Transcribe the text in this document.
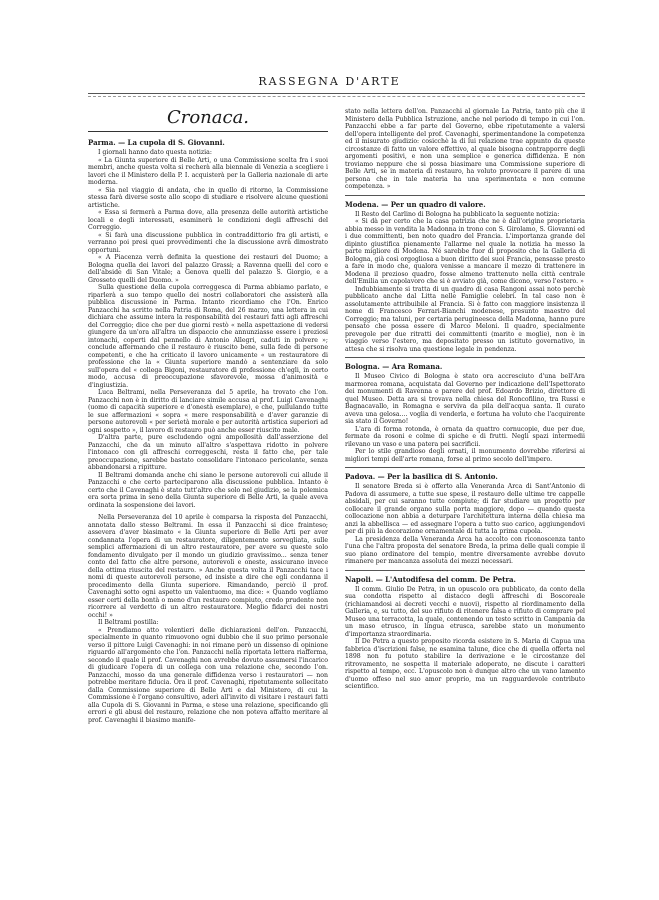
RASSEGNA D'ARTE
Cronaca.
Parma. — La cupola di S. Giovanni.

I giornali hanno dato questa notizia:

« La Giunta superiore di Belle Arti, o una Commissione scelta fra i suoi membri, anche questa volta si recherà alla biennale di Venezia a scegliere i lavori che il Ministero della P. I. acquisterà per la Galleria nazionale di arte moderna.

« Sia nel viaggio di andata, che in quello di ritorno, la Commissione stessa farà diverse soste allo scopo di studiare e risolvere alcune questioni artistiche.

« Essa si fermerà a Parma dove, alla presenza delle autorità artistiche locali e degli interessati, esaminerà le condizioni degli affreschi del Correggio.

« Si farà una discussione pubblica in contraddittorio fra gli artisti, e verranno poi presi quei provvedimenti che la discussione avrà dimostrato opportuni.

« A Piacenza verrà definita la questione dei restauri del Duomo; a Bologna quella dei lavori del palazzo Grassi; a Ravenna quelli del coro e dell'abside di San Vitale; a Genova quelli del palazzo S. Giorgio, e a Grosseto quelli del Duomo. »

Sulla questione della cupola correggesca di Parma abbiamo parlato, e riparlerà a suo tempo quello dei nostri collaboratori che assisterà alla pubblica discussione in Parma. Intanto ricordiamo che l'On. Enrico Panzacchi ha scritto nella Patria di Roma, del 26 marzo, una lettera in cui dichiara che assume intera la responsabilità dei restauri fatti agli affreschi del Correggio; dice che per due giorni restò « nella aspettazione di vedersi giungere da un'ora all'altra un dispaccio che annunziasse essere i preziosi intonachi, coperti dal pennello di Antonio Allegri, caduti in polvere »; conclude affermando che il restauro è riuscito bene, sulla fede di persone competenti, e che ha criticato il lavoro unicamente « un restauratore di professione che la « Giunta superiore mandò a sentenziare da solo sull'opera del « collega Bigoni, restauratore di professione ch'egli, in certo modo, accusa di preoccupazione sfavorevole, mossa d'animosità e d'ingiustizia.

Luca Beltrami, nella Perseveranza del 5 aprile, ha trovato che l'on. Panzacchi non è in diritto di lanciare simile accusa al prof. Luigi Cavenaghi (uomo di capacità superiore e d'onestà esemplare), e che, pullulando tutte le sue affermazioni « sopra « mere responsabilità e d'aver garanzie di persone autorevoli « per serietà morale e per autorità artistica superiori ad ogni sospetto », il lavoro di restauro può anche esser riuscito male.

D'altra parte, pure escludendo ogni ampollosità dall'asserzione del Panzacchi, che da un minuto all'altro s'aspettava ridotto in polvere l'intonaco con gli affreschi correggeschi, resta il fatto che, per tale preoccupazione, sarebbe bastato consolidare l'intonaco pericolante, senza abbandonarsi a ripitture.

Il Beltrami domanda anche chi siano le persone autorevoli cui allude il Panzacchi e che certo parteciparono alla discussione pubblica. Intanto è certo che il Cavenaghi è stato tutt'altro che solo nel giudizio, se la polemica era sorta prima in seno della Giunta superiore di Belle Arti, la quale aveva ordinata la sospensione dei lavori.

Nella Perseveranza del 10 aprile è comparsa la risposta del Panzacchi, annotata dallo stesso Beltrami. In essa il Panzacchi si dice frainteso; assevera d'aver biasimato « la Giunta superiore di Belle Arti per aver condannata l'opera di un restauratore, diligentemente sorvegliata, sulle semplici affermazioni di un altro restauratore, per avere su queste solo fondamento divulgato per il mondo un giudizio gravissimo... senza tener conto del fatto che altre persone, autorevoli e oneste, assicurano invece della ottima riuscita del restauro. » Anche questa volta il Panzacchi tace i nomi di queste autorevoli persone, ed insiste a dire che egli condanna il procedimento della Giunta superiore. Rimandando, perciò il prof. Cavenaghi sotto ogni aspetto un valentuomo, ma dice: « Quando vogliamo esser certi della bontà o meno d'un restauro compiuto, credo prudente non ricorrere al verdetto di un altro restauratore. Meglio fidarci dei nostri occhi! »

Il Beltrami postilla:

« Prendiamo atto volentieri delle dichiarazioni dell'on. Panzacchi, specialmente in quanto rimuovono ogni dubbio che il suo primo personale verso il pittore Luigi Cavenaghi: in noi rimane però un dissenso di opinione riguardo all'argomento che l'on. Panzacchi nella riportata lettera riafferma, secondo il quale il prof. Cavenaghi non avrebbe dovuto assumersi l'incarico di giudicare l'opera di un collega con una relazione che, secondo l'on. Panzacchi, mosso da una generale diffidenza verso i restauratori — non potrebbe meritare fiducia. Ora il prof. Cavenaghi, ripetutamente sollecitato dalla Commissione superiore di Belle Arti e dal Ministero, di cui la Commissione è l'organo consultivo, aderì all'invito di visitare i restauri fatti alla Cupola di S. Giovanni in Parma, e stese una relazione, specificando gli errori e gli abusi del restauro, relazione che non poteva affatto meritare al prof. Cavenaghi il biasimo manife-

stato nella lettera dell'on. Panzacchi al giornale La Patria, tanto più che il Ministero della Pubblica Istruzione, anche nel periodo di tempo in cui l'on. Panzacchi ebbe a far parte del Governo, ebbe ripetutamente a valersi dell'opera intelligente del prof. Cavenaghi, sperimentandone la competenza ed il misurato giudizio: cosicchè la di lui relazione trae appunto da queste circostanze di fatto un valore effettivo, al quale bisogna contrapporre degli argomenti positivi, e non una semplice e generica diffidenza. E non troviamo neppure che si possa biasimare una Commissione superiore di Belle Arti, se in materia di restauro, ha voluto provocare il parere di una persona che in tale materia ha una sperimentata e non comune competenza. »

Modena. — Per un quadro di valore.

Il Resto del Carlino di Bologna ha pubblicato la seguente notizia:

« Si dà per certo che la casa patrizia che ne è dall'origine proprietaria abbia messo in vendita la Madonna in trono con S. Girolamo, S. Giovanni ed i due committenti, ben noto quadro del Francia. L'importanza grande del dipinto giustifica pienamente l'allarme nel quale la notizia ha messo la parte migliore di Modena. Né sarebbe fuor di proposito che la Galleria di Bologna, già così orgogliosa a buon diritto dei suoi Francia, pensasse presto a fare in modo che, qualora venisse a mancare il mezzo di trattenere in Modena il prezioso quadro, fosse almeno trattenuto nella città centrale dell'Emilia un capolavoro che si è avviato già, come dicono, verso l'estero. »

Indubbiamente si tratta di un quadro di casa Rangoni assai noto perchè pubblicato anche dal Litta nelle Famiglie celebri. In tal caso non è assolutamente attribuibile al Francia. Si è fatto con maggiore insistenza il nome di Francesco Ferrari-Bianchi modenese, presunto maestro del Correggio; ma taluni, per certaria perugineesca della Madonna, hanno pure pensato che possa essere di Marco Meloni. Il quadro, specialmente prevegole per due ritratti dei committenti (marito e moglie), non è in viaggio verso l'estero, ma depositato presso un istituto governativo, in attesa che si risolva una questione legale in pendenza.

Bologna. — Ara Romana.

Il Museo Civico di Bologna è stato ora accresciuto d'una bell'Ara marmorea romana, acquistata dal Governo per indicazione dell'Ispettorato dei monumenti di Ravenna e parere del prof. Edoardo Brizio, direttore di quel Museo. Detta ara si trovava nella chiesa del Roncofilino, tra Russi e Bagnacavallo, in Romagna e serviva da pila dell'acqua santa. Il curato aveva una gelosa.... voglia di venderla, e fortuna ha voluto che l'acquirente sia stato il Governo!

L'ara di forma rotonda, è ornata da quattro cornucopie, due per due, fermate da rosoni e colme di spiche e di frutti. Negli spazi intermedii rilevano un vaso e una patera pei sacrificii.

Per lo stile grandioso degli ornati, il monumento dovrebbe riferirsi ai migliori tempi dell'arte romana, forse al primo secolo dell'impero.

Padova. — Per la basilica di S. Antonio.

Il senatore Breda si è offerto alla Veneranda Arca di Sant'Antonio di Padova di assumere, a tutte sue spese, il restauro delle ultime tre cappelle absidali, per cui saranno tutte compiute; di far studiare un progetto per collocare il grande organo sulla porta maggiore, dopo — quando questa collocazione non abbia a deturpare l'architettura interna della chiesa ma anzi la abbellisca — ed assegnare l'opera a tutto suo carico, aggiungendovi per di più la decorazione ornamentale di tutta la prima cupola.

La presidenza della Veneranda Arca ha accolto con riconoscenza tanto l'una che l'altra proposta del senatore Breda, la prima delle quali compie il suo piano ordinatore del tempio, mentre diversamente avrebbe dovuto rimanere per mancanza assoluta dei mezzi necessari.

Napoli. — L'Autodifesa del comm. De Petra.

Il comm. Giulio De Petra, in un opuscolo ora pubblicato, da conto della sua condotta rispetto al distacco degli affreschi di Boscoreale (richiamandosi ai decreti vecchi e nuovi), rispetto al riordinamento della Galleria, e, su tutto, del suo rifiuto di ritenere falsa e rifiuto di comprare pel Museo una terracotta, la quale, contenendo un testo scritto in Campania da un maso etrusco, in lingua etrusca, sarebbe stato un monumento d'importanza straordinaria.

Il De Petra a questo proposito ricorda esistere in S. Maria di Capua una fabbrica d'iscrizioni false, ne esamina talune, dice che di quella offerta nel 1898 non fu potuto stabilire la derivazione e le circostanze del ritrovamento, ne sospetta il materiale adoperato, ne discute i caratteri rispetto al tempo, ecc. L'opuscolo non è dunque altro che un vano lamento d'uomo offeso nel suo amor proprio, ma un ragguardevole contributo scientifico.
